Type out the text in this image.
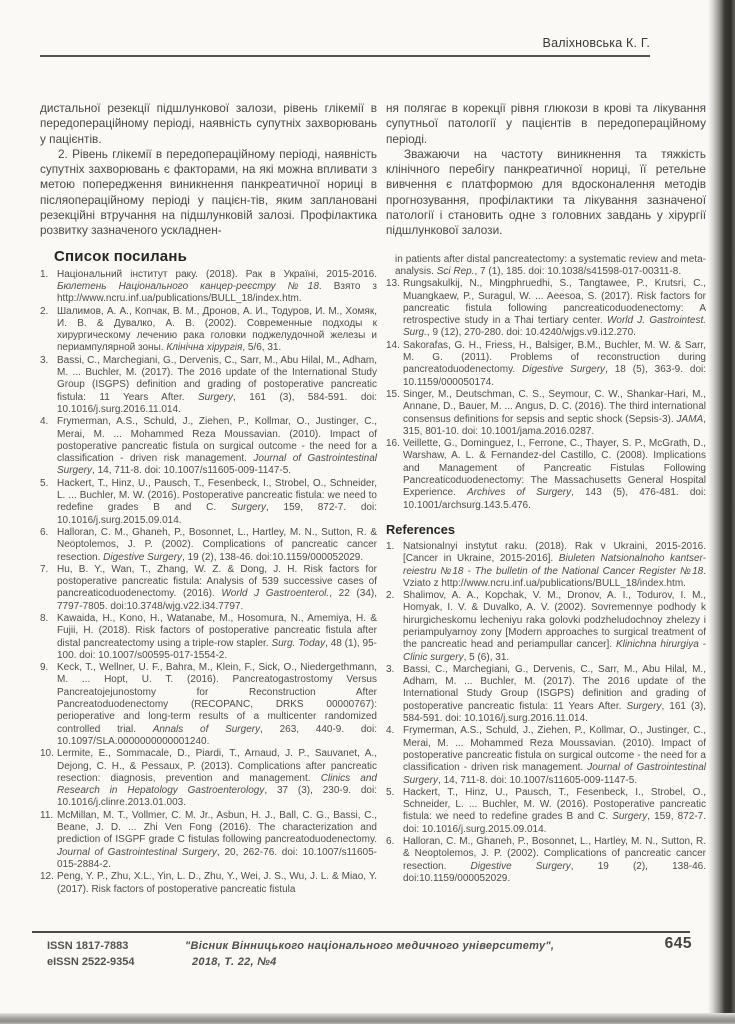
Валіхновська К. Г.
дистальної резекції підшлункової залози, рівень глікемії в передопераційному періоді, наявність супутніх захворювань у пацієнтів.
2. Рівень глікемії в передопераційному періоді, наявність супутніх захворювань є факторами, на які можна впливати з метою попередження виникнення панкреатичної нориці в післяопераційному періоді у пацієн-тів, яким заплановані резекційні втручання на підшлунковій залозі. Профілактика розвитку зазначеного ускладнен-
Список посилань
1. Національний інститут раку. (2018). Рак в Україні, 2015-2016. Бюлетень Національного канцер-реєстру №18. Взято з http://www.ncru.inf.ua/publications/BULL_18/index.htm.
2. Шалимов, А. А., Копчак, В. М., Дронов, А. И., Тодуров, И. М., Хомяк, И. В. & Дувалко, А. В. (2002). Современные подходы к хирургическому лечению рака головки поджелудочной железы и периампулярной зоны. Клінічна хірургія, 5/6, 31.
3. Bassi, C., Marchegiani, G., Dervenis, C., Sarr, M., Abu Hilal, M., Adham, M. ... Buchler, M. (2017). The 2016 update of the International Study Group (ISGPS) definition and grading of postoperative pancreatic fistula: 11 Years After. Surgery, 161 (3), 584-591. doi: 10.1016/j.surg.2016.11.014.
4. Frymerman, A.S., Schuld, J., Ziehen, P., Kollmar, O., Justinger, C., Merai, M. ... Mohammed Reza Moussavian. (2010). Impact of postoperative pancreatic fistula on surgical outcome - the need for a classification - driven risk management. Journal of Gastrointestinal Surgery, 14, 711-8. doi: 10.1007/s11605-009-1147-5.
5. Hackert, T., Hinz, U., Pausch, T., Fesenbeck, I., Strobel, O., Schneider, L. ... Buchler, M. W. (2016). Postoperative pancreatic fistula: we need to redefine grades B and C. Surgery, 159, 872-7. doi: 10.1016/j.surg.2015.09.014.
6. Halloran, C. M., Ghaneh, P., Bosonnet, L., Hartley, M. N., Sutton, R. & Neoptolemos, J. P. (2002). Complications of pancreatic cancer resection. Digestive Surgery, 19 (2), 138-46. doi:10.1159/000052029.
7. Hu, B. Y., Wan, T., Zhang, W. Z. & Dong, J. H. Risk factors for postoperative pancreatic fistula: Analysis of 539 successive cases of pancreaticoduodenectomy. (2016). World J Gastroenterol., 22 (34), 7797-7805. doi:10.3748/wjg.v22.i34.7797.
8. Kawaida, H., Kono, H., Watanabe, M., Hosomura, N., Amemiya, H. & Fujii, H. (2018). Risk factors of postoperative pancreatic fistula after distal pancreatectomy using a triple-row stapler. Surg. Today, 48 (1), 95-100. doi: 10.1007/s00595-017-1554-2.
9. Keck, T., Wellner, U. F., Bahra, M., Klein, F., Sick, O., Niedergethmann, M. ... Hopt, U. T. (2016). Pancreatogastrostomy Versus Pancreatojejunostomy for Reconstruction After Pancreatoduodenectomy (RECOPANC, DRKS 00000767): perioperative and long-term results of a multicenter randomized controlled trial. Annals of Surgery, 263, 440-9. doi: 10.1097/SLA.0000000000001240.
10. Lermite, E., Sommacale, D., Piardi, T., Arnaud, J. P., Sauvanet, A., Dejong, C. H., & Pessaux, P. (2013). Complications after pancreatic resection: diagnosis, prevention and management. Clinics and Research in Hepatology Gastroenterology, 37 (3), 230-9. doi: 10.1016/j.clinre.2013.01.003.
11. McMillan, M. T., Vollmer, C. M. Jr., Asbun, H. J., Ball, C. G., Bassi, C., Beane, J. D. ... Zhi Ven Fong (2016). The characterization and prediction of ISGPF grade C fistulas following pancreatoduodenectomy. Journal of Gastrointestinal Surgery, 20, 262-76. doi: 10.1007/s11605-015-2884-2.
12. Peng, Y. P., Zhu, X.L., Yin, L. D., Zhu, Y., Wei, J. S., Wu, J. L. & Miao, Y. (2017). Risk factors of postoperative pancreatic fistula
ня полягає в корекції рівня глюкози в крові та лікування супутньої патології у пацієнтів в передопераційному періоді.
Зважаючи на частоту виникнення та тяжкість клінічного перебігу панкреатичної нориці, її ретельне вивчення є платформою для вдосконалення методів прогнозування, профілактики та лікування зазначеної патології і становить одне з головних завдань у хірургії підшлункової залози.
in patients after distal pancreatectomy: a systematic review and meta-analysis. Sci Rep., 7 (1), 185. doi: 10.1038/s41598-017-00311-8.
13. Rungsakulkij, N., Mingphruedhi, S., Tangtawee, P., Krutsri, C., Muangkaew, P., Suragul, W. ... Aeesoa, S. (2017). Risk factors for pancreatic fistula following pancreaticoduodenectomy: A retrospective study in a Thai tertiary center. World J. Gastrointest. Surg., 9 (12), 270-280. doi: 10.4240/wjgs.v9.i12.270.
14. Sakorafas, G. H., Friess, H., Balsiger, B.M., Buchler, M. W. & Sarr, M. G. (2011). Problems of reconstruction during pancreatoduodenectomy. Digestive Surgery, 18 (5), 363-9. doi: 10.1159/000050174.
15. Singer, M., Deutschman, C. S., Seymour, C. W., Shankar-Hari, M., Annane, D., Bauer, M. ... Angus, D. C. (2016). The third international consensus definitions for sepsis and septic shock (Sepsis-3). JAMA, 315, 801-10. doi: 10.1001/jama.2016.0287.
16. Veillette, G., Dominguez, I., Ferrone, C., Thayer, S. P., McGrath, D., Warshaw, A. L. & Fernandez-del Castillo, C. (2008). Implications and Management of Pancreatic Fistulas Following Pancreaticoduodenectomy: The Massachusetts General Hospital Experience. Archives of Surgery, 143 (5), 476-481. doi: 10.1001/archsurg.143.5.476.
References
1. Natsionalnyi instytut raku. (2018). Rak v Ukraini, 2015-2016. [Cancer in Ukraine, 2015-2016]. Biuleten Natsionalnoho kantser-reiestru №18 - The bulletin of the National Cancer Register №18. Vziato z http://www.ncru.inf.ua/publications/BULL_18/index.htm.
2. Shalimov, A. A., Kopchak, V. M., Dronov, A. I., Todurov, I. M., Homyak, I. V. & Duvalko, A. V. (2002). Sovremennye podhody k hirurgicheskomu lecheniyu raka golovki podzheludochnoy zhelezy i periampulyarnoy zony [Modern approaches to surgical treatment of the pancreatic head and periampullar cancer]. Klinichna hirurgiya - Clinic surgery, 5 (6), 31.
3. Bassi, C., Marchegiani, G., Dervenis, C., Sarr, M., Abu Hilal, M., Adham, M. ... Buchler, M. (2017). The 2016 update of the International Study Group (ISGPS) definition and grading of postoperative pancreatic fistula: 11 Years After. Surgery, 161 (3), 584-591. doi: 10.1016/j.surg.2016.11.014.
4. Frymerman, A.S., Schuld, J., Ziehen, P., Kollmar, O., Justinger, C., Merai, M. ... Mohammed Reza Moussavian. (2010). Impact of postoperative pancreatic fistula on surgical outcome - the need for a classification - driven risk management. Journal of Gastrointestinal Surgery, 14, 711-8. doi: 10.1007/s11605-009-1147-5.
5. Hackert, T., Hinz, U., Pausch, T., Fesenbeck, I., Strobel, O., Schneider, L. ... Buchler, M. W. (2016). Postoperative pancreatic fistula: we need to redefine grades B and C. Surgery, 159, 872-7. doi: 10.1016/j.surg.2015.09.014.
6. Halloran, C. M., Ghaneh, P., Bosonnet, L., Hartley, M. N., Sutton, R. & Neoptolemos, J. P. (2002). Complications of pancreatic cancer resection. Digestive Surgery, 19 (2), 138-46. doi:10.1159/000052029.
ISSN 1817-7883
eISSN 2522-9354
"Вісник Вінницького національного медичного університету",
2018, Т. 22, №4
645
